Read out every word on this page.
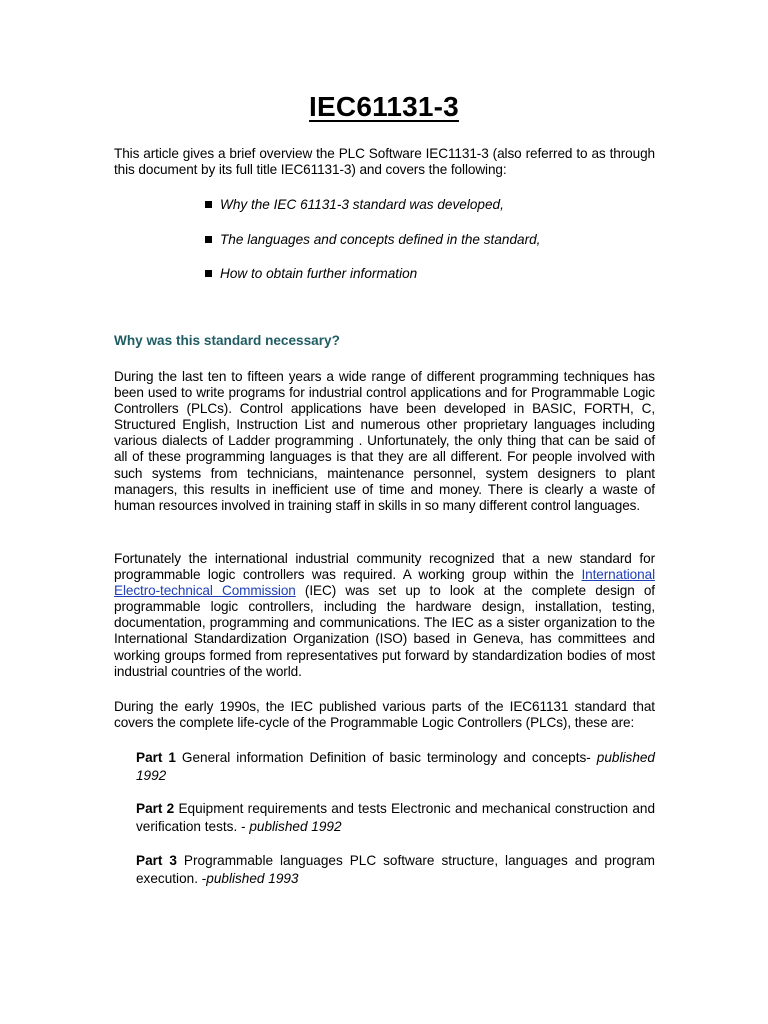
IEC61131-3

This article gives a brief overview the PLC Software IEC1131-3 (also referred to as through this document by its full title IEC61131-3) and covers the following:

Why the IEC 61131-3 standard was developed,
The languages and concepts defined in the standard,
How to obtain further information
Why was this standard necessary?

During the last ten to fifteen years a wide range of different programming techniques has been used to write programs for industrial control applications and for Programmable Logic Controllers (PLCs). Control applications have been developed in BASIC, FORTH, C, Structured English, Instruction List and numerous other proprietary languages including various dialects of Ladder programming . Unfortunately, the only thing that can be said of all of these programming languages is that they are all different. For people involved with such systems from technicians, maintenance personnel, system designers to plant managers, this results in inefficient use of time and money. There is clearly a waste of human resources involved in training staff in skills in so many different control languages.

Fortunately the international industrial community recognized that a new standard for programmable logic controllers was required. A working group within the International Electro-technical Commission (IEC) was set up to look at the complete design of programmable logic controllers, including the hardware design, installation, testing, documentation, programming and communications. The IEC as a sister organization to the International Standardization Organization (ISO) based in Geneva, has committees and working groups formed from representatives put forward by standardization bodies of most industrial countries of the world.

During the early 1990s, the IEC published various parts of the IEC61131 standard that covers the complete life-cycle of the Programmable Logic Controllers (PLCs), these are:

Part 1 General information Definition of basic terminology and concepts- published 1992

Part 2 Equipment requirements and tests Electronic and mechanical construction and verification tests. - published 1992

Part 3 Programmable languages PLC software structure, languages and program execution. -published 1993
